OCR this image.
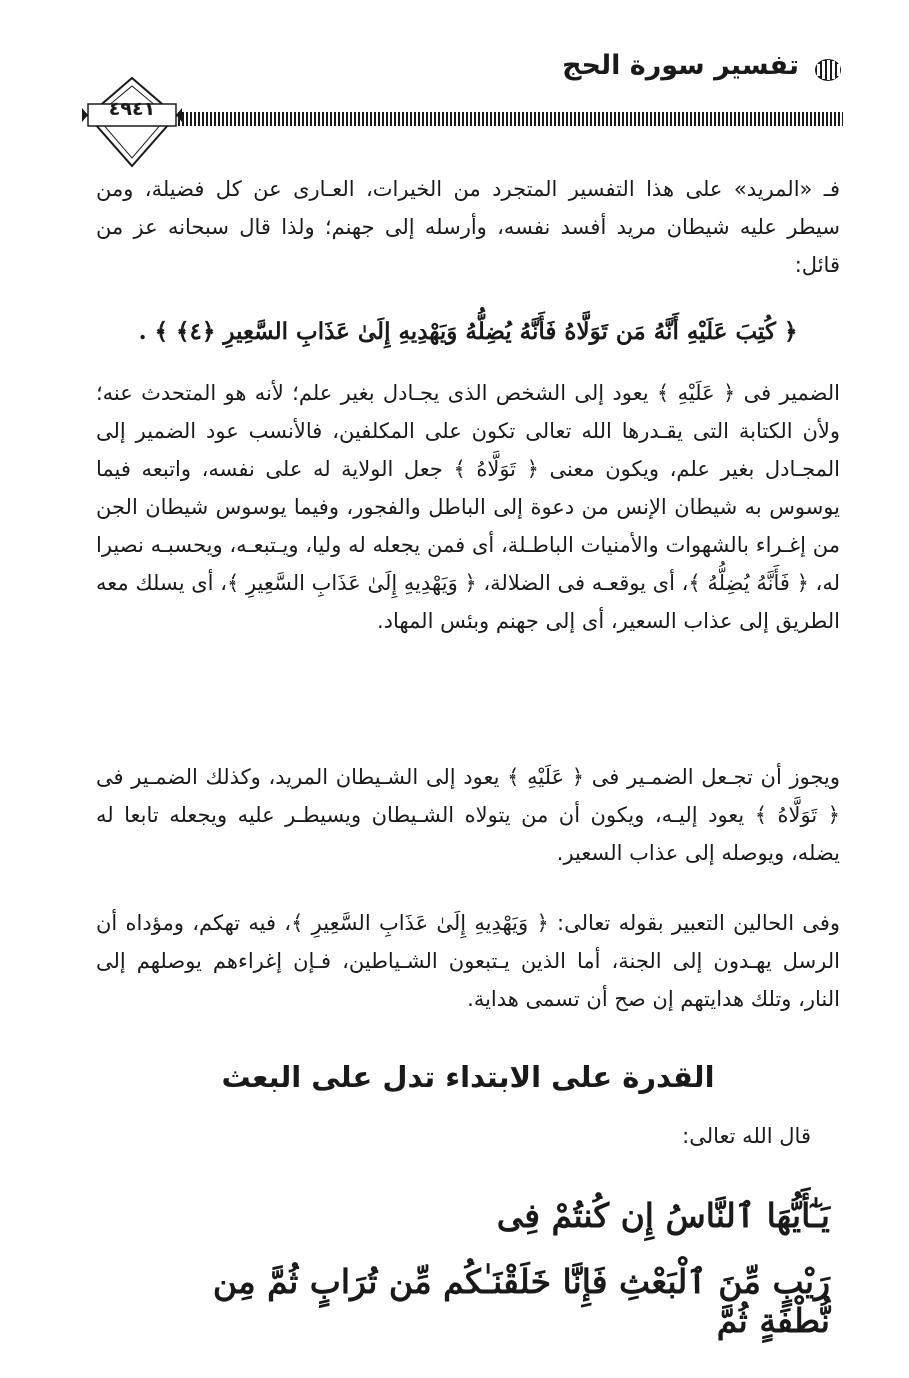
تفسير سورة الحج
٤٩٤١
فـ «المريد» على هذا التفسير المتجرد من الخيرات، العـارى عن كل فضيلة، ومن سيطر عليه شيطان مريد أفسد نفسه، وأرسله إلى جهنم؛ ولذا قال سبحانه عز من قائل:
﴿ كُتِبَ عَلَيْهِ أَنَّهُ مَن تَوَلَّاهُ فَأَنَّهُ يُضِلُّهُ وَيَهْدِيهِ إِلَىٰ عَذَابِ السَّعِيرِ ﴿٤﴾ ﴾ .
الضمير فى ﴿ عَلَيْهِ ﴾ يعود إلى الشخص الذى يجـادل بغير علم؛ لأنه هو المتحدث عنه؛ ولأن الكتابة التى يقـدرها الله تعالى تكون على المكلفين، فالأنسب عود الضمير إلى المجـادل بغير علم، ويكون معنى ﴿ تَوَلَّاهُ ﴾ جعل الولاية له على نفسه، واتبعه فيما يوسوس به شيطان الإنس من دعوة إلى الباطل والفجور، وفيما يوسوس شيطان الجن من إغـراء بالشهوات والأمنيات الباطـلة، أى فمن يجعله له وليا، ويـتبعـه، ويحسبـه نصيرا له، ﴿ فَأَنَّهُ يُضِلُّهُ ﴾، أى يوقعـه فى الضلالة، ﴿ وَيَهْدِيهِ إِلَىٰ عَذَابِ السَّعِيرِ ﴾، أى يسلك معه الطريق إلى عذاب السعير، أى إلى جهنم وبئس المهاد.
ويجوز أن تجـعل الضمـير فى ﴿ عَلَيْهِ ﴾ يعود إلى الشـيطان المريد، وكذلك الضمـير فى ﴿ تَوَلَّاهُ ﴾ يعود إليـه، ويكون أن من يتولاه الشـيطان ويسيطـر عليه ويجعله تابعا له يضله، ويوصله إلى عذاب السعير.
وفى الحالين التعبير بقوله تعالى: ﴿ وَيَهْدِيهِ إِلَىٰ عَذَابِ السَّعِيرِ ﴾، فيه تهكم، ومؤداه أن الرسل يهـدون إلى الجنة، أما الذين يـتبعون الشـياطين، فـإن إغراءهم يوصلهم إلى النار، وتلك هدايتهم إن صح أن تسمى هداية.
القدرة على الابتداء تدل على البعث
قال الله تعالى:
يَـٰٓأَيُّهَا ٱلنَّاسُ إِن كُنتُمْ فِى
رَيْبٍ مِّنَ ٱلْبَعْثِ فَإِنَّا خَلَقْنَـٰكُم مِّن تُرَابٍ ثُمَّ مِن نُّطْفَةٍ ثُمَّ
